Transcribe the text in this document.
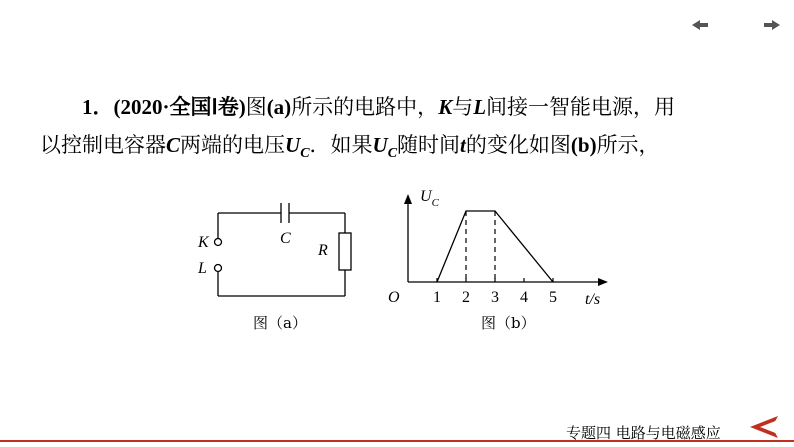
1．(2020·全国Ⅰ卷)图(a)所示的电路中，K与L间接一智能电源，用
以控制电容器C两端的电压$U_C$．如果$U_C$随时间t的变化如图(b)所示，
K
L
C
R
图（a）
1 2 3 4 5
$U_C$
O	t/s
图（b）
专题四 电路与电磁感应
